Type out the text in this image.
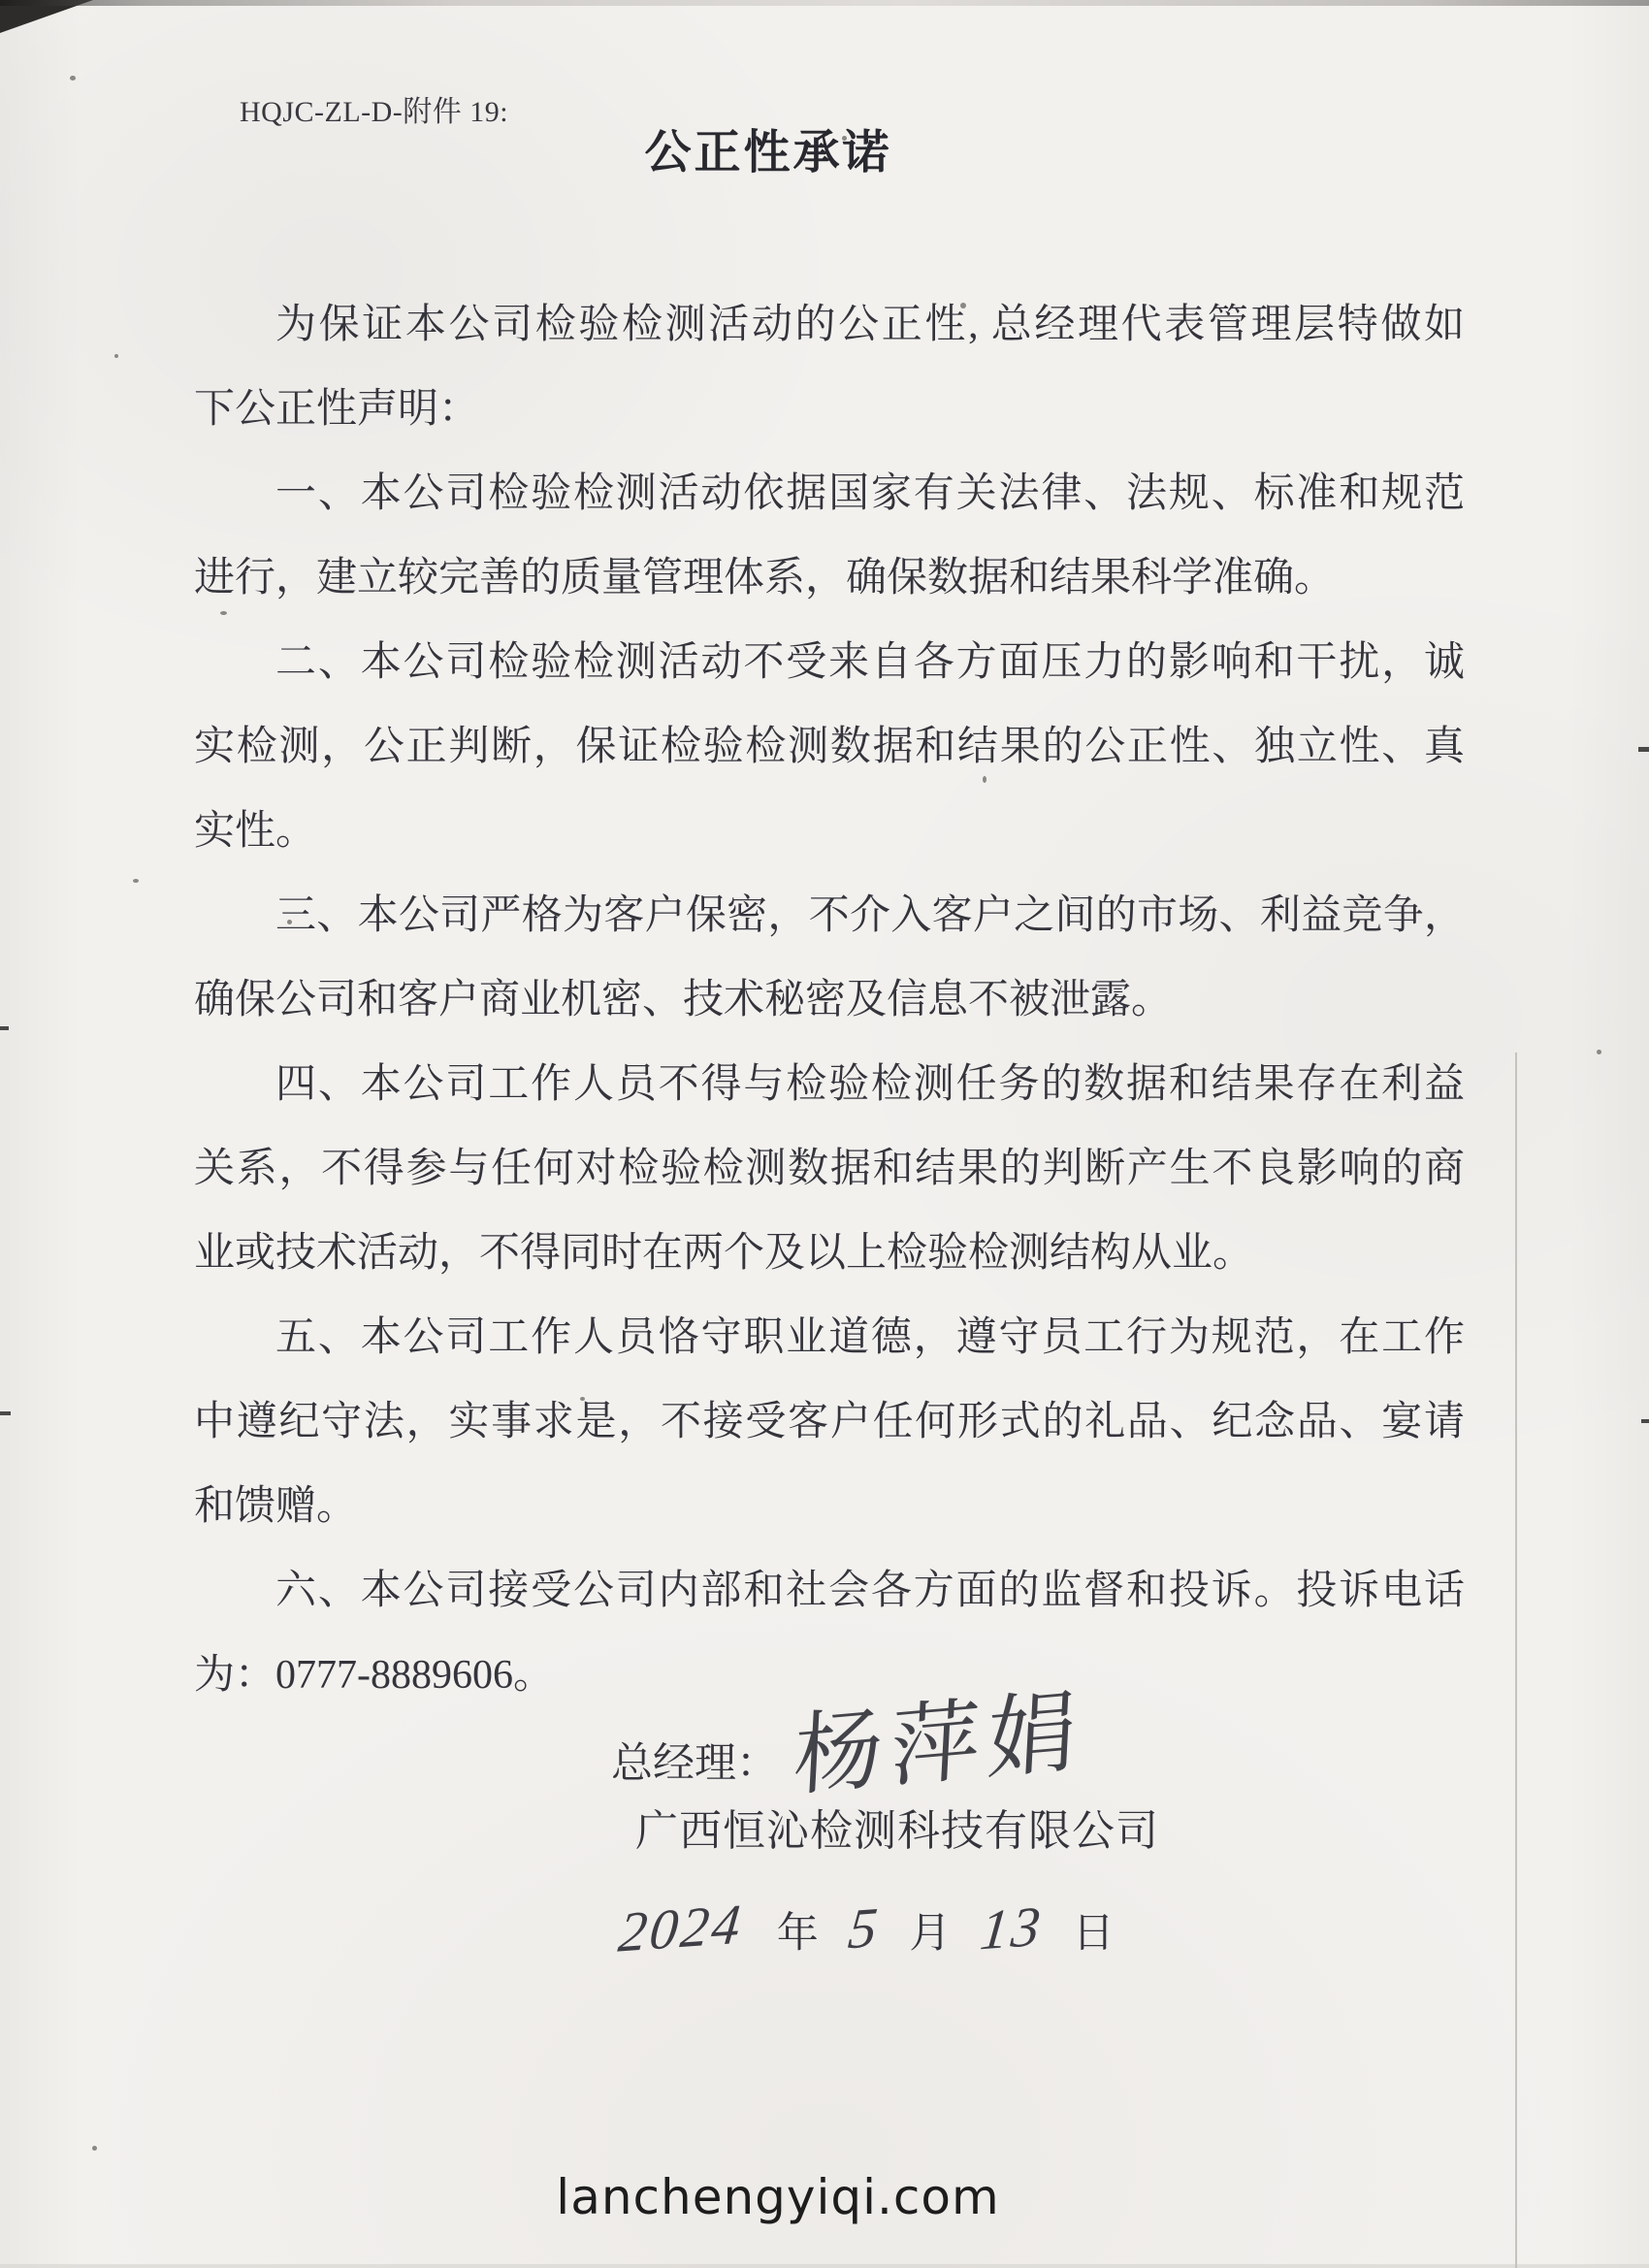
HQJC-ZL-D-附件 19:
公正性承诺
为保证本公司检验检测活动的公正性, 总经理代表管理层特做如
下公正性声明：
一、本公司检验检测活动依据国家有关法律、法规、标准和规范
进行，建立较完善的质量管理体系，确保数据和结果科学准确。
二、本公司检验检测活动不受来自各方面压力的影响和干扰，诚
实检测，公正判断，保证检验检测数据和结果的公正性、独立性、真
实性。
三、本公司严格为客户保密，不介入客户之间的市场、利益竞争，
确保公司和客户商业机密、技术秘密及信息不被泄露。
四、本公司工作人员不得与检验检测任务的数据和结果存在利益
关系，不得参与任何对检验检测数据和结果的判断产生不良影响的商
业或技术活动，不得同时在两个及以上检验检测结构从业。
五、本公司工作人员恪守职业道德，遵守员工行为规范，在工作
中遵纪守法，实事求是，不接受客户任何形式的礼品、纪念品、宴请
和馈赠。
六、本公司接受公司内部和社会各方面的监督和投诉。投诉电话
为：0777-8889606。
总经理： 杨萍娟
广西恒沁检测科技有限公司
2024 年 5 月 13 日
lanchengyiqi.com
